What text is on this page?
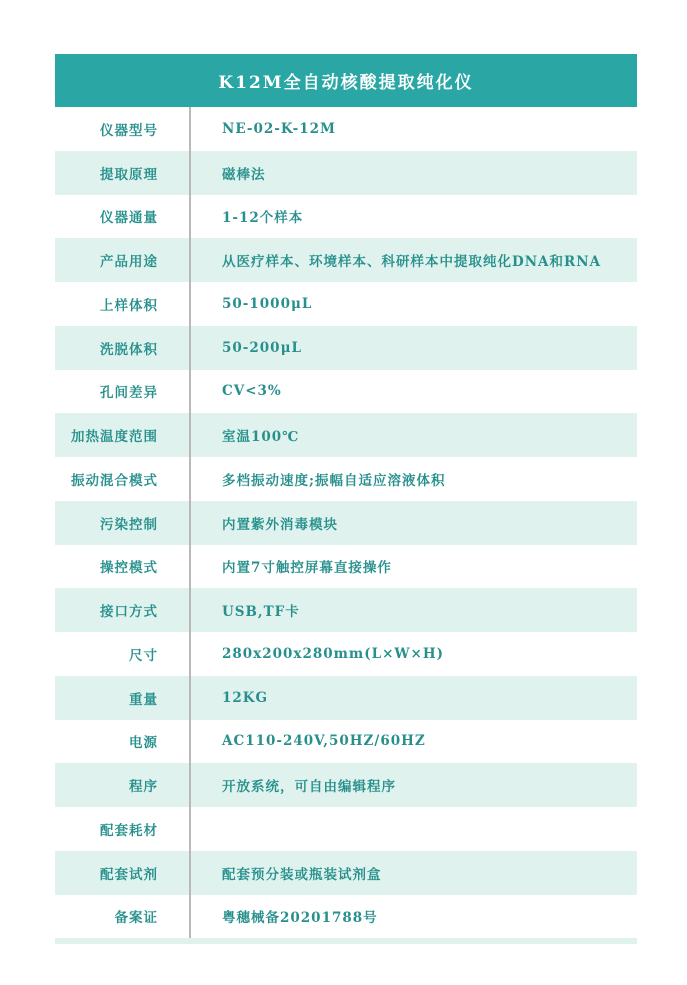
K12M全自动核酸提取纯化仪
仪器型号	NE-02-K-12M
提取原理	磁棒法
仪器通量	1-12个样本
产品用途	从医疗样本、环境样本、科研样本中提取纯化DNA和RNA
上样体积	50-1000μL
洗脱体积	50-200μL
孔间差异	CV<3%
加热温度范围	室温100℃
振动混合模式	多档振动速度;振幅自适应溶液体积
污染控制	内置紫外消毒模块
操控模式	内置7寸触控屏幕直接操作
接口方式	USB,TF卡
尺寸	280x200x280mm(L×W×H)
重量	12KG
电源	AC110-240V,50HZ/60HZ
程序	开放系统，可自由编辑程序
配套耗材
配套试剂	配套预分装或瓶装试剂盒
备案证	粤穗械备20201788号
